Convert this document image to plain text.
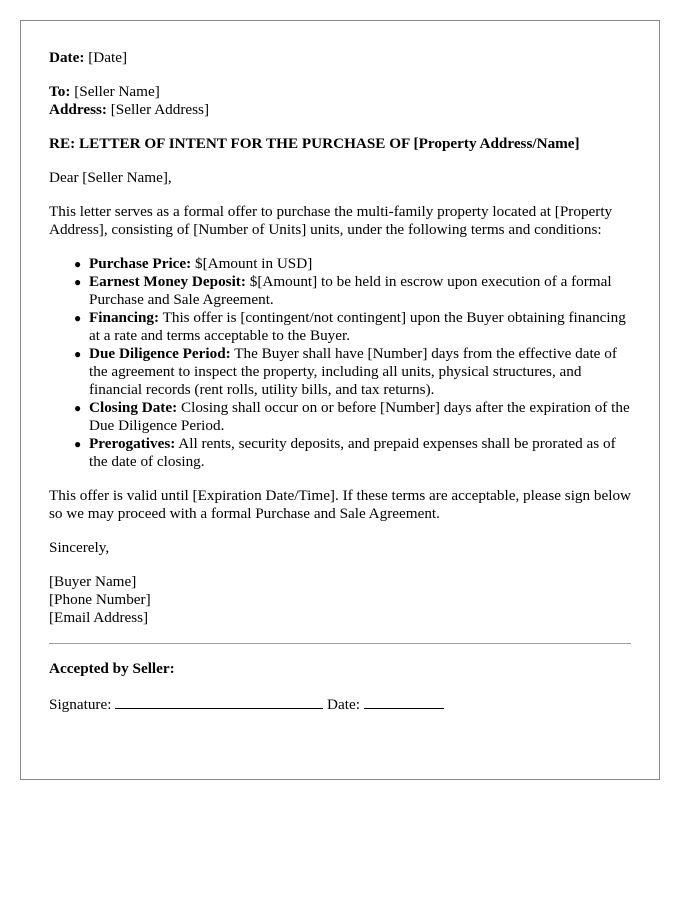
Date: [Date]

To: [Seller Name]

Address: [Seller Address]

RE: LETTER OF INTENT FOR THE PURCHASE OF [Property Address/Name]

Dear [Seller Name],

This letter serves as a formal offer to purchase the multi-family property located at [Property Address], consisting of [Number of Units] units, under the following terms and conditions:

● Purchase Price: $[Amount in USD]
● Earnest Money Deposit: $[Amount] to be held in escrow upon execution of a formal Purchase and Sale Agreement.
● Financing: This offer is [contingent/not contingent] upon the Buyer obtaining financing at a rate and terms acceptable to the Buyer.
● Due Diligence Period: The Buyer shall have [Number] days from the effective date of the agreement to inspect the property, including all units, physical structures, and financial records (rent rolls, utility bills, and tax returns).
● Closing Date: Closing shall occur on or before [Number] days after the expiration of the Due Diligence Period.
● Prerogatives: All rents, security deposits, and prepaid expenses shall be prorated as of the date of closing.

This offer is valid until [Expiration Date/Time]. If these terms are acceptable, please sign below so we may proceed with a formal Purchase and Sale Agreement.

Sincerely,

[Buyer Name]

[Phone Number]

[Email Address]

Accepted by Seller:

Signature:	Date:
